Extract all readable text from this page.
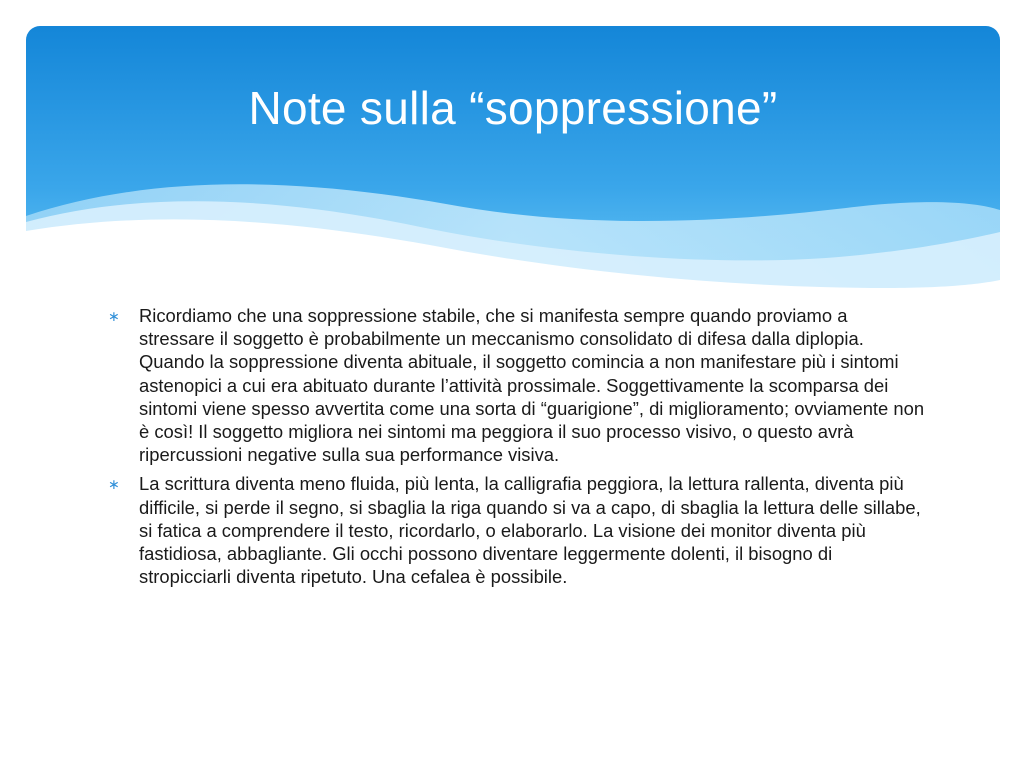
Note sulla “soppressione”
∗ Ricordiamo che una soppressione stabile, che si manifesta sempre quando proviamo a stressare il soggetto è probabilmente un meccanismo consolidato di difesa dalla diplopia. Quando la soppressione diventa abituale, il soggetto comincia a non manifestare più i sintomi astenopici a cui era abituato durante l’attività prossimale. Soggettivamente la scomparsa dei sintomi viene spesso avvertita come una sorta di “guarigione”, di miglioramento; ovviamente non è così! Il soggetto migliora nei sintomi ma peggiora il suo processo visivo, o questo avrà ripercussioni negative sulla sua performance visiva.
∗ La scrittura diventa meno fluida, più lenta, la calligrafia peggiora, la lettura rallenta, diventa più difficile, si perde il segno, si sbaglia la riga quando si va a capo, di sbaglia la lettura delle sillabe, si fatica a comprendere il testo, ricordarlo, o elaborarlo. La visione dei monitor diventa più fastidiosa, abbagliante. Gli occhi possono diventare leggermente dolenti, il bisogno di stropicciarli diventa ripetuto. Una cefalea è possibile.
